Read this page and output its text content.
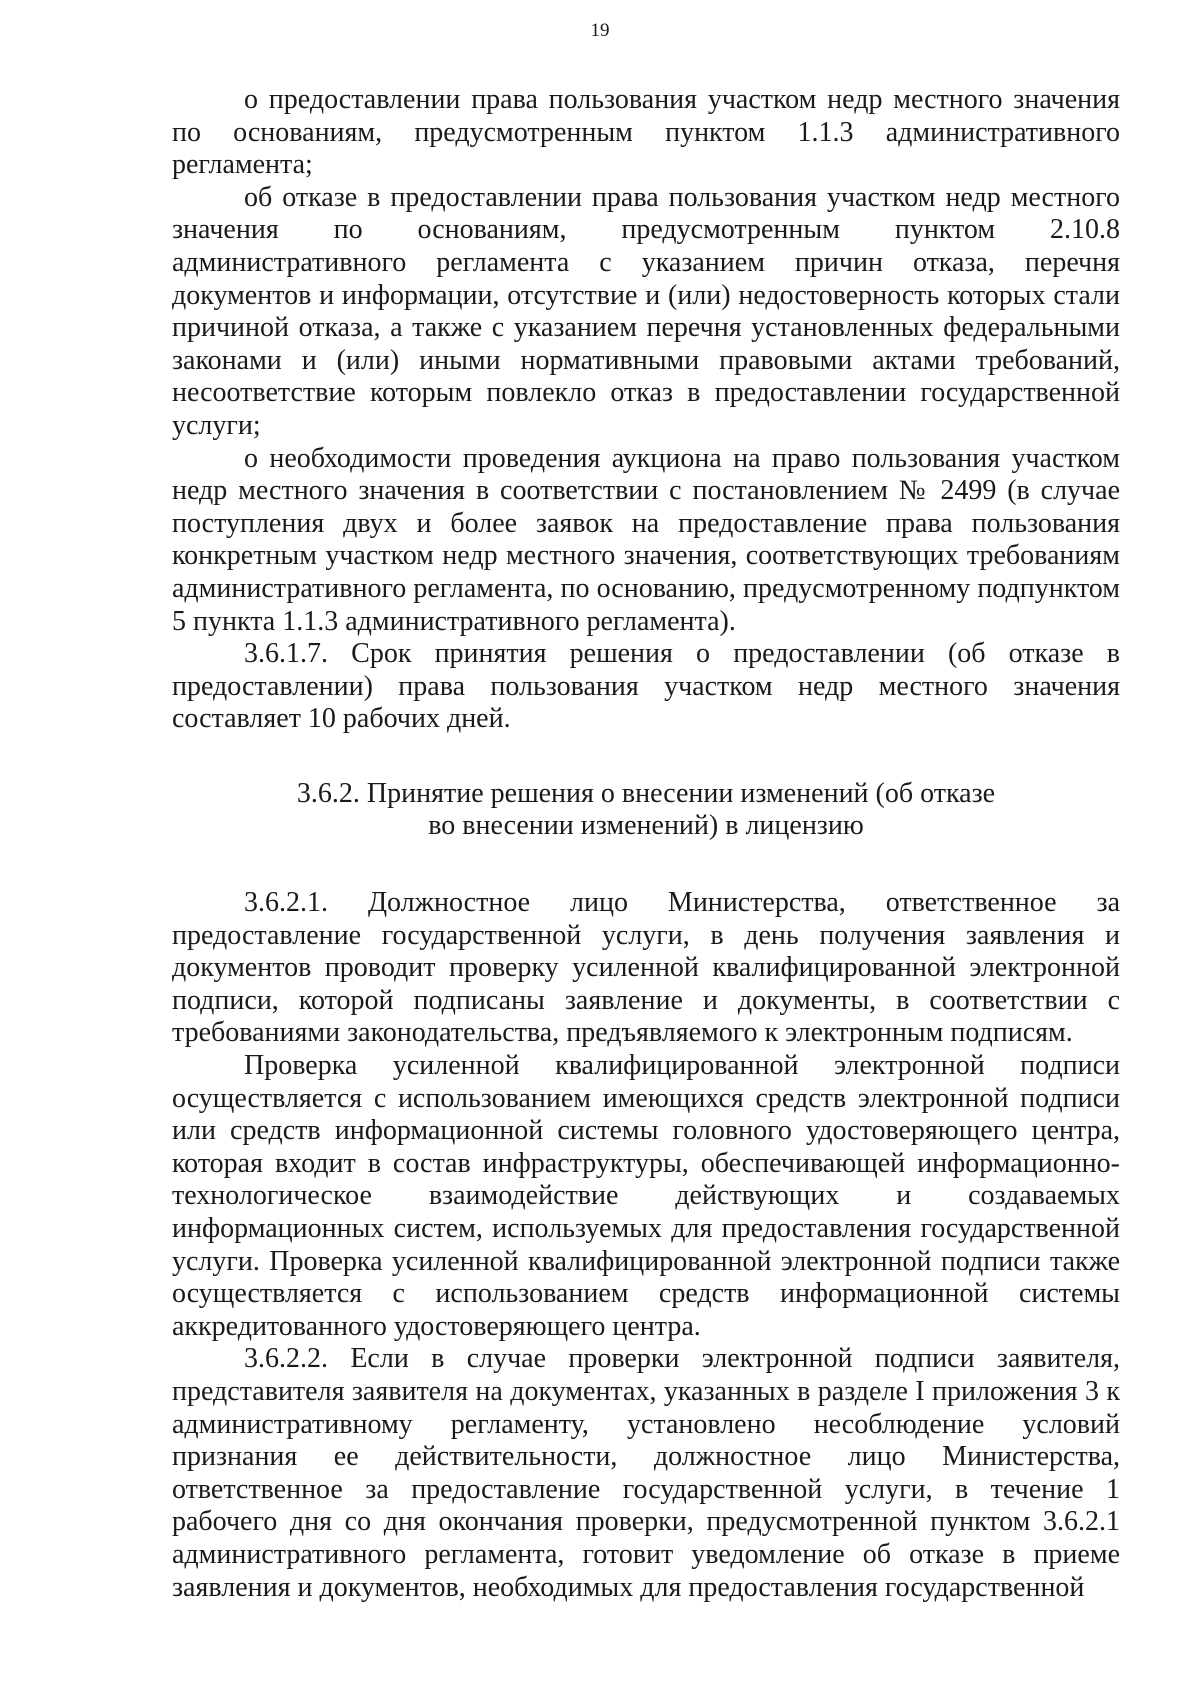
19

о предоставлении права пользования участком недр местного значения по основаниям, предусмотренным пунктом 1.1.3 административного регламента;

об отказе в предоставлении права пользования участком недр местного значения по основаниям, предусмотренным пунктом 2.10.8 административного регламента с указанием причин отказа, перечня документов и информации, отсутствие и (или) недостоверность которых стали причиной отказа, а также с указанием перечня установленных федеральными законами и (или) иными нормативными правовыми актами требований, несоответствие которым повлекло отказ в предоставлении государственной услуги;

о необходимости проведения аукциона на право пользования участком недр местного значения в соответствии с постановлением № 2499 (в случае поступления двух и более заявок на предоставление права пользования конкретным участком недр местного значения, соответствующих требованиям административного регламента, по основанию, предусмотренному подпунктом 5 пункта 1.1.3 административного регламента).

3.6.1.7. Срок принятия решения о предоставлении (об отказе в предоставлении) права пользования участком недр местного значения составляет 10 рабочих дней.

3.6.2. Принятие решения о внесении изменений (об отказе
во внесении изменений) в лицензию

3.6.2.1. Должностное лицо Министерства, ответственное за предоставление государственной услуги, в день получения заявления и документов проводит проверку усиленной квалифицированной электронной подписи, которой подписаны заявление и документы, в соответствии с требованиями законодательства, предъявляемого к электронным подписям.

Проверка усиленной квалифицированной электронной подписи осуществляется с использованием имеющихся средств электронной подписи или средств информационной системы головного удостоверяющего центра, которая входит в состав инфраструктуры, обеспечивающей информационно-технологическое взаимодействие действующих и создаваемых информационных систем, используемых для предоставления государственной услуги. Проверка усиленной квалифицированной электронной подписи также осуществляется с использованием средств информационной системы аккредитованного удостоверяющего центра.

3.6.2.2. Если в случае проверки электронной подписи заявителя, представителя заявителя на документах, указанных в разделе I приложения 3 к административному регламенту, установлено несоблюдение условий признания ее действительности, должностное лицо Министерства, ответственное за предоставление государственной услуги, в течение 1 рабочего дня со дня окончания проверки, предусмотренной пунктом 3.6.2.1 административного регламента, готовит уведомление об отказе в приеме заявления и документов, необходимых для предоставления государственной
